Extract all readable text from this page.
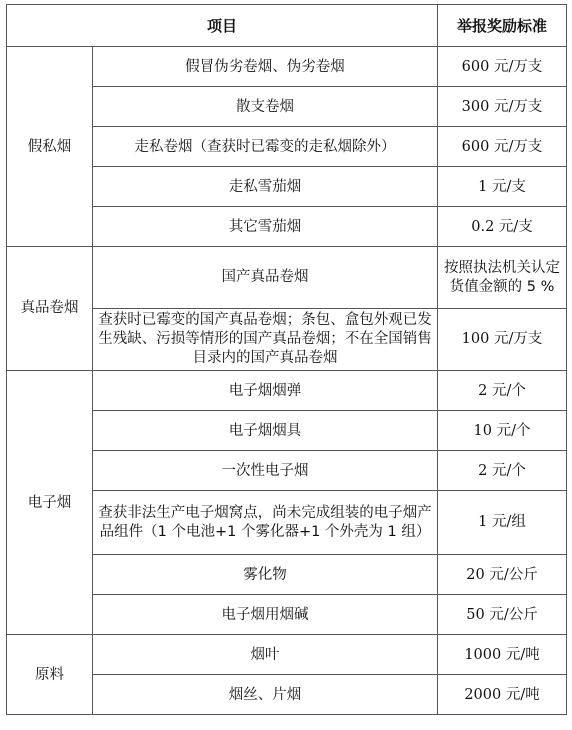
项目		举报奖励标准
假私烟	假冒伪劣卷烟、伪劣卷烟	600 元/万支
	散支卷烟	300 元/万支
	走私卷烟（查获时已霉变的走私烟除外）	600 元/万支
	走私雪茄烟	1 元/支
	其它雪茄烟	0.2 元/支
真品卷烟	国产真品卷烟	按照执法机关认定货值金额的 5 %
	查获时已霉变的国产真品卷烟；条包、盒包外观已发生残缺、污损等情形的国产真品卷烟；不在全国销售目录内的国产真品卷烟	100 元/万支
电子烟	电子烟烟弹	2 元/个
	电子烟烟具	10 元/个
	一次性电子烟	2 元/个
	查获非法生产电子烟窝点，尚未完成组装的电子烟产品组件（1 个电池+1 个雾化器+1 个外壳为 1 组）	1 元/组
	雾化物	20 元/公斤
	电子烟用烟碱	50 元/公斤
原料	烟叶	1000 元/吨
	烟丝、片烟	2000 元/吨
